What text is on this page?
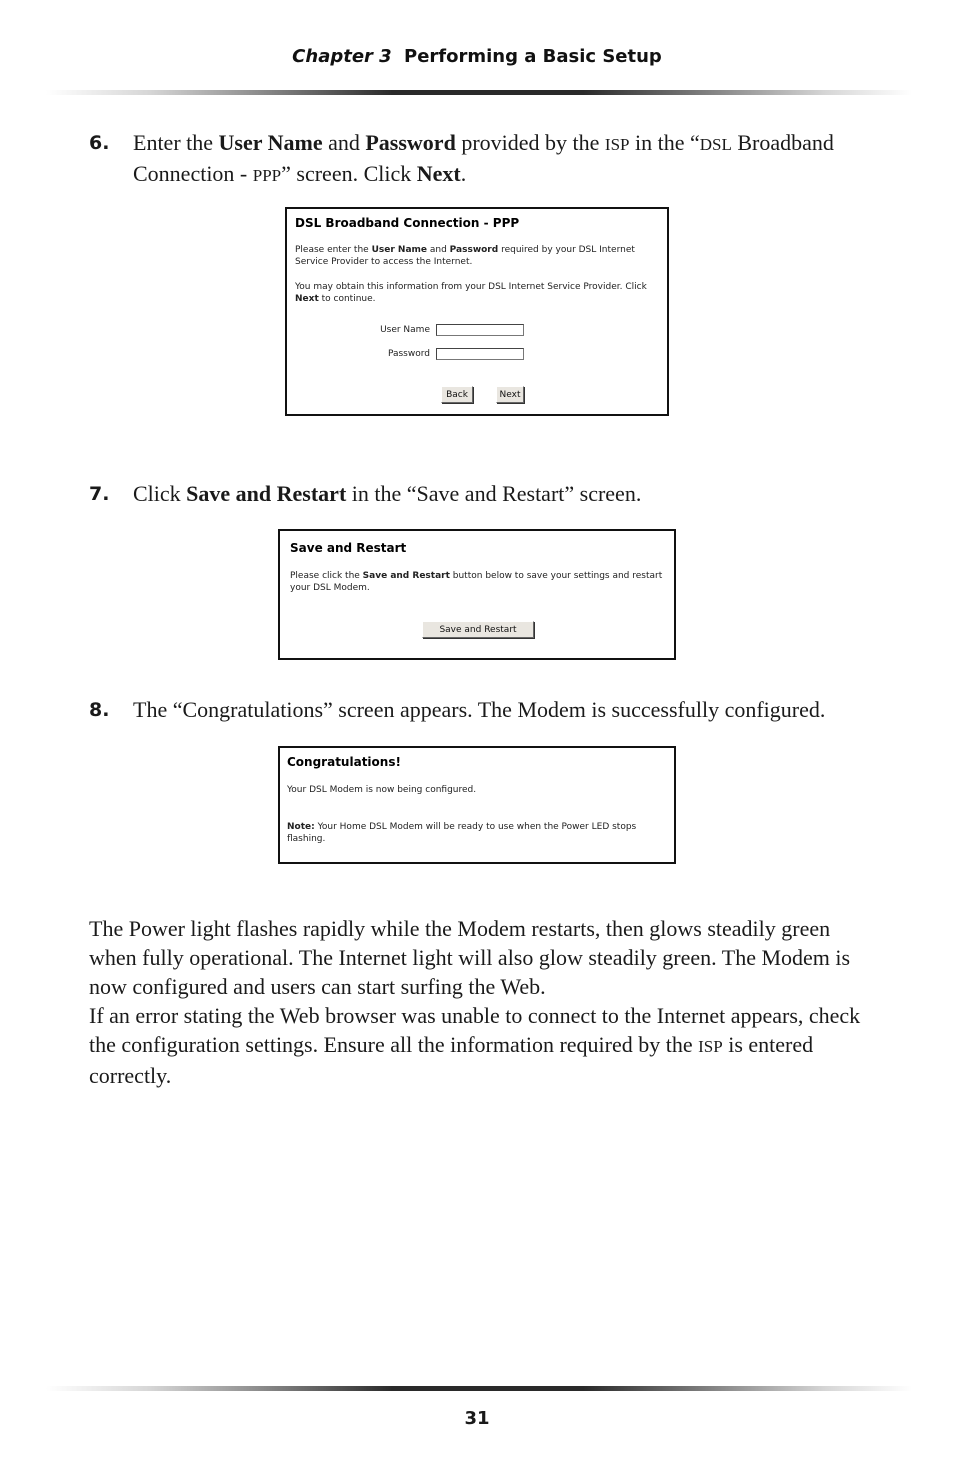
Chapter 3 Performing a Basic Setup
6. Enter the User Name and Password provided by the ISP in the “DSL Broadband Connection - PPP” screen. Click Next.
DSL Broadband Connection - PPP

Please enter the User Name and Password required by your DSL Internet Service Provider to access the Internet.

You may obtain this information from your DSL Internet Service Provider. Click Next to continue.

User Name
Password
Back	Next
7. Click Save and Restart in the “Save and Restart” screen.
Save and Restart

Please click the Save and Restart button below to save your settings and restart your DSL Modem.

Save and Restart
8. The “Congratulations” screen appears. The Modem is successfully configured.
Congratulations!

Your DSL Modem is now being configured.

Note: Your Home DSL Modem will be ready to use when the Power LED stops flashing.

The Power light flashes rapidly while the Modem restarts, then glows steadily green when fully operational. The Internet light will also glow steadily green. The Modem is now configured and users can start surfing the Web.
If an error stating the Web browser was unable to connect to the Internet appears, check the configuration settings. Ensure all the information required by the ISP is entered correctly.
31
